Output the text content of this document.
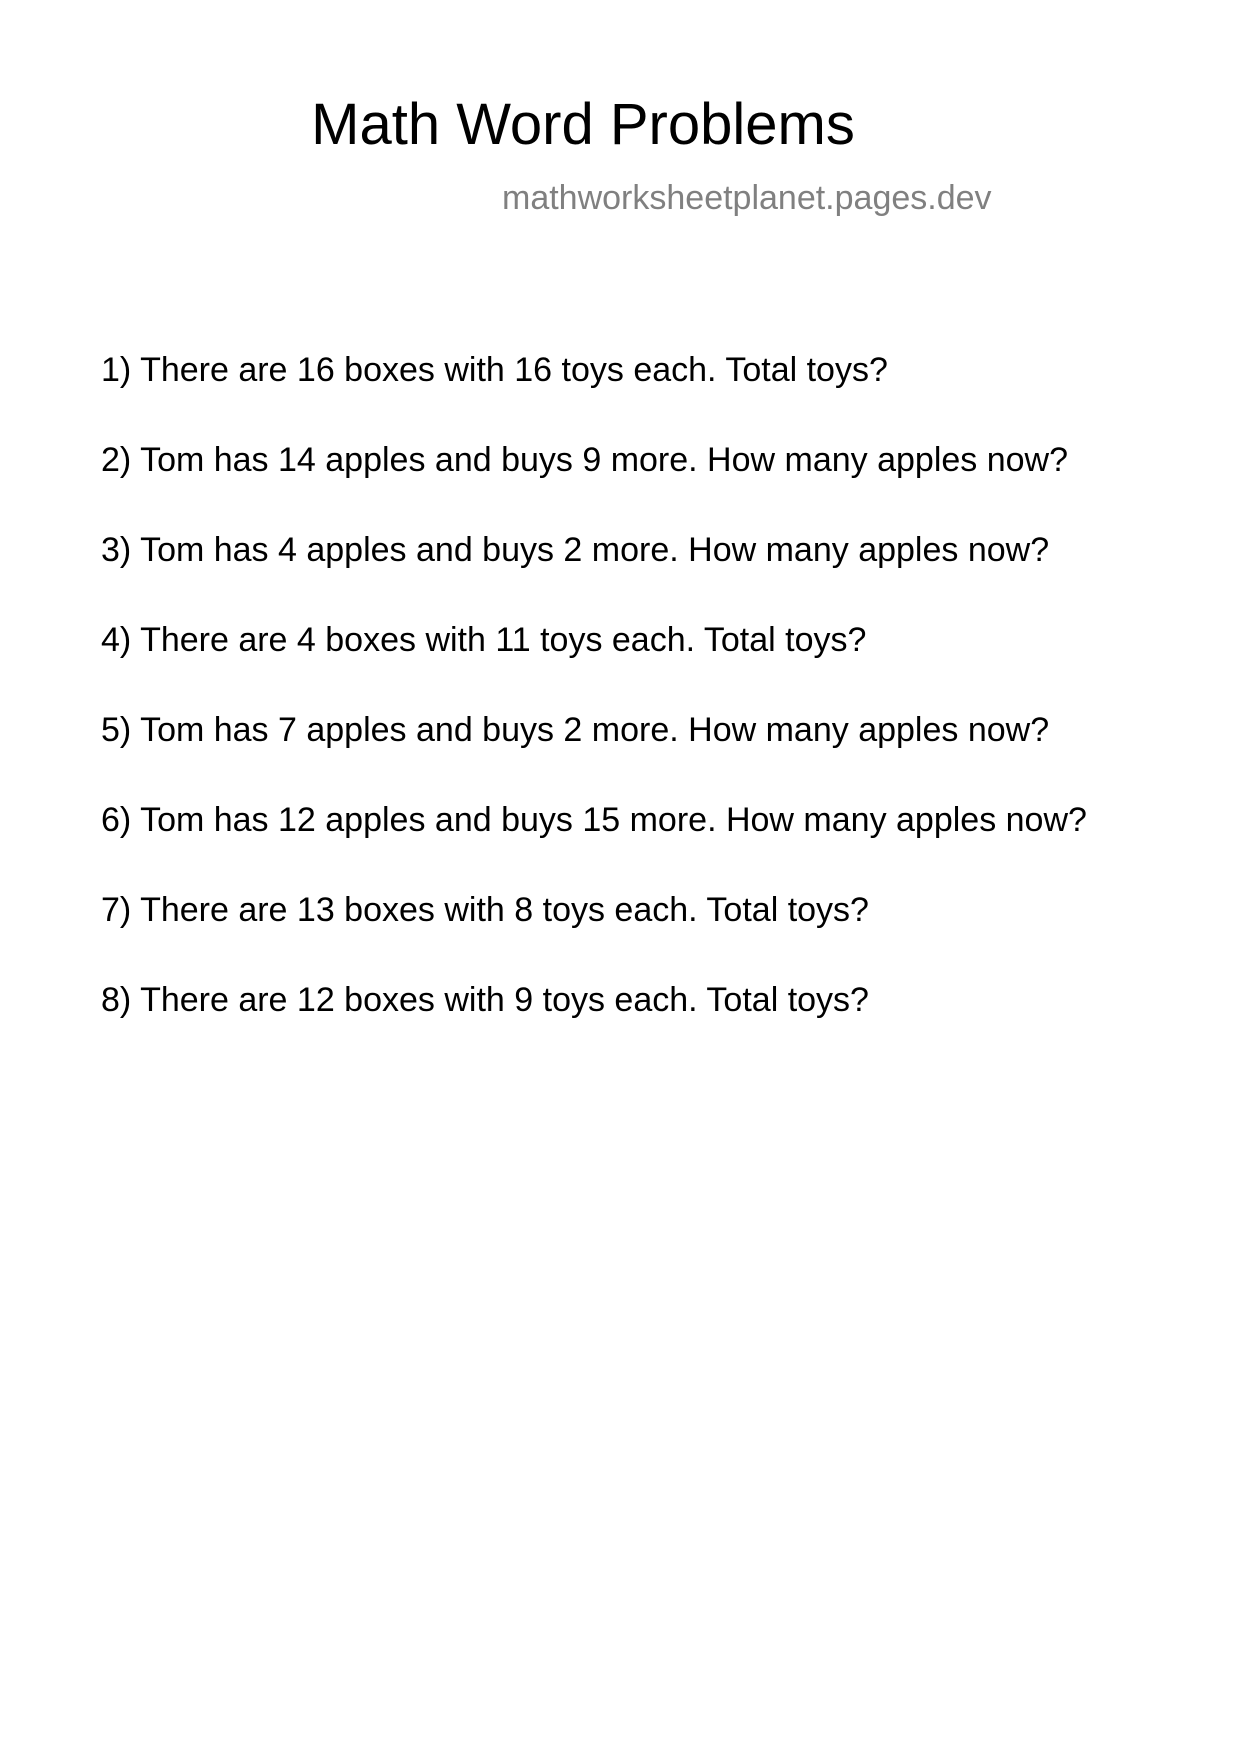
Math Word Problems
mathworksheetplanet.pages.dev
1) There are 16 boxes with 16 toys each. Total toys?
2) Tom has 14 apples and buys 9 more. How many apples now?
3) Tom has 4 apples and buys 2 more. How many apples now?
4) There are 4 boxes with 11 toys each. Total toys?
5) Tom has 7 apples and buys 2 more. How many apples now?
6) Tom has 12 apples and buys 15 more. How many apples now?
7) There are 13 boxes with 8 toys each. Total toys?
8) There are 12 boxes with 9 toys each. Total toys?
